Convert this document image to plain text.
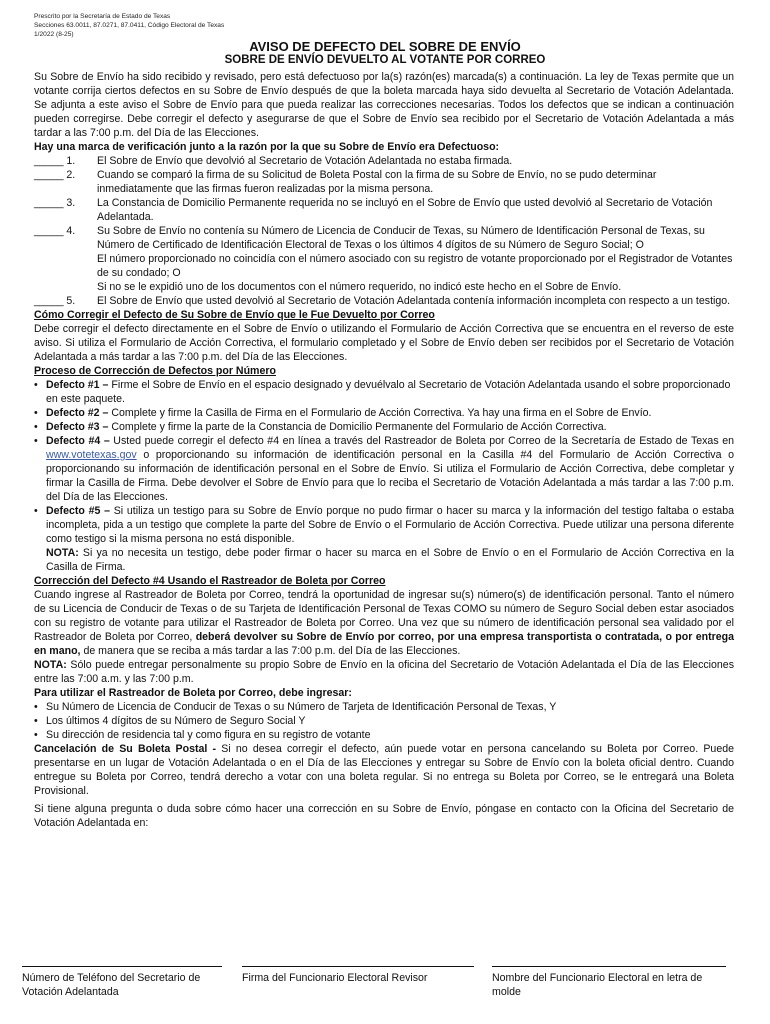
Prescrito por la Secretaría de Estado de Texas
Secciones 63.0011, 87.0271, 87.0411, Código Electoral de Texas
1/2022 (8-25)
AVISO DE DEFECTO DEL SOBRE DE ENVÍO
SOBRE DE ENVÍO DEVUELTO AL VOTANTE POR CORREO

Su Sobre de Envío ha sido recibido y revisado, pero está defectuoso por la(s) razón(es) marcada(s) a continuación. La ley de Texas permite que un votante corrija ciertos defectos en su Sobre de Envío después de que la boleta marcada haya sido devuelta al Secretario de Votación Adelantada. Se adjunta a este aviso el Sobre de Envío para que pueda realizar las correcciones necesarias. Todos los defectos que se indican a continuación pueden corregirse. Debe corregir el defecto y asegurarse de que el Sobre de Envío sea recibido por el Secretario de Votación Adelantada a más tardar a las 7:00 p.m. del Día de las Elecciones.

Hay una marca de verificación junto a la razón por la que su Sobre de Envío era Defectuoso:

_____ 1.	El Sobre de Envío que devolvió al Secretario de Votación Adelantada no estaba firmada.
_____ 2.	Cuando se comparó la firma de su Solicitud de Boleta Postal con la firma de su Sobre de Envío, no se pudo determinar inmediatamente que las firmas fueron realizadas por la misma persona.
_____ 3.	La Constancia de Domicilio Permanente requerida no se incluyó en el Sobre de Envío que usted devolvió al Secretario de Votación Adelantada.
_____ 4.	Su Sobre de Envío no contenía su Número de Licencia de Conducir de Texas, su Número de Identificación Personal de Texas, su Número de Certificado de Identificación Electoral de Texas o los últimos 4 dígitos de su Número de Seguro Social; O
El número proporcionado no coincidía con el número asociado con su registro de votante proporcionado por el Registrador de Votantes de su condado; O
Si no se le expidió uno de los documentos con el número requerido, no indicó este hecho en el Sobre de Envío.
_____ 5.	El Sobre de Envío que usted devolvió al Secretario de Votación Adelantada contenía información incompleta con respecto a un testigo.

Cómo Corregir el Defecto de Su Sobre de Envío que le Fue Devuelto por Correo

Debe corregir el defecto directamente en el Sobre de Envío o utilizando el Formulario de Acción Correctiva que se encuentra en el reverso de este aviso. Si utiliza el Formulario de Acción Correctiva, el formulario completado y el Sobre de Envío deben ser recibidos por el Secretario de Votación Adelantada a más tardar a las 7:00 p.m. del Día de las Elecciones.

Proceso de Corrección de Defectos por Número

• Defecto #1 – Firme el Sobre de Envío en el espacio designado y devuélvalo al Secretario de Votación Adelantada usando el sobre proporcionado en este paquete.
• Defecto #2 – Complete y firme la Casilla de Firma en el Formulario de Acción Correctiva. Ya hay una firma en el Sobre de Envío.
• Defecto #3 – Complete y firme la parte de la Constancia de Domicilio Permanente del Formulario de Acción Correctiva.
• Defecto #4 – Usted puede corregir el defecto #4 en línea a través del Rastreador de Boleta por Correo de la Secretaría de Estado de Texas en www.votetexas.gov o proporcionando su información de identificación personal en la Casilla #4 del Formulario de Acción Correctiva o proporcionando su información de identificación personal en el Sobre de Envío. Si utiliza el Formulario de Acción Correctiva, debe completar y firmar la Casilla de Firma. Debe devolver el Sobre de Envío para que lo reciba el Secretario de Votación Adelantada a más tardar a las 7:00 p.m. del Día de las Elecciones.
• Defecto #5 – Si utiliza un testigo para su Sobre de Envío porque no pudo firmar o hacer su marca y la información del testigo faltaba o estaba incompleta, pida a un testigo que complete la parte del Sobre de Envío o el Formulario de Acción Correctiva. Puede utilizar una persona diferente como testigo si la misma persona no está disponible.
NOTA: Si ya no necesita un testigo, debe poder firmar o hacer su marca en el Sobre de Envío o en el Formulario de Acción Correctiva en la Casilla de Firma.

Corrección del Defecto #4 Usando el Rastreador de Boleta por Correo

Cuando ingrese al Rastreador de Boleta por Correo, tendrá la oportunidad de ingresar su(s) número(s) de identificación personal. Tanto el número de su Licencia de Conducir de Texas o de su Tarjeta de Identificación Personal de Texas COMO su número de Seguro Social deben estar asociados con su registro de votante para utilizar el Rastreador de Boleta por Correo. Una vez que su número de identificación personal sea validado por el Rastreador de Boleta por Correo, deberá devolver su Sobre de Envío por correo, por una empresa transportista o contratada, o por entrega en mano, de manera que se reciba a más tardar a las 7:00 p.m. del Día de las Elecciones.

NOTA: Sólo puede entregar personalmente su propio Sobre de Envío en la oficina del Secretario de Votación Adelantada el Día de las Elecciones entre las 7:00 a.m. y las 7:00 p.m.

Para utilizar el Rastreador de Boleta por Correo, debe ingresar:

• Su Número de Licencia de Conducir de Texas o su Número de Tarjeta de Identificación Personal de Texas, Y
• Los últimos 4 dígitos de su Número de Seguro Social Y
• Su dirección de residencia tal y como figura en su registro de votante

Cancelación de Su Boleta Postal - Si no desea corregir el defecto, aún puede votar en persona cancelando su Boleta por Correo. Puede presentarse en un lugar de Votación Adelantada o en el Día de las Elecciones y entregar su Sobre de Envío con la boleta oficial dentro. Cuando entregue su Boleta por Correo, tendrá derecho a votar con una boleta regular. Si no entrega su Boleta por Correo, se le entregará una Boleta Provisional.

Si tiene alguna pregunta o duda sobre cómo hacer una corrección en su Sobre de Envío, póngase en contacto con la Oficina del Secretario de Votación Adelantada en:

Número de Teléfono del Secretario de Votación Adelantada
Firma del Funcionario Electoral Revisor	Nombre del Funcionario Electoral en letra de molde
